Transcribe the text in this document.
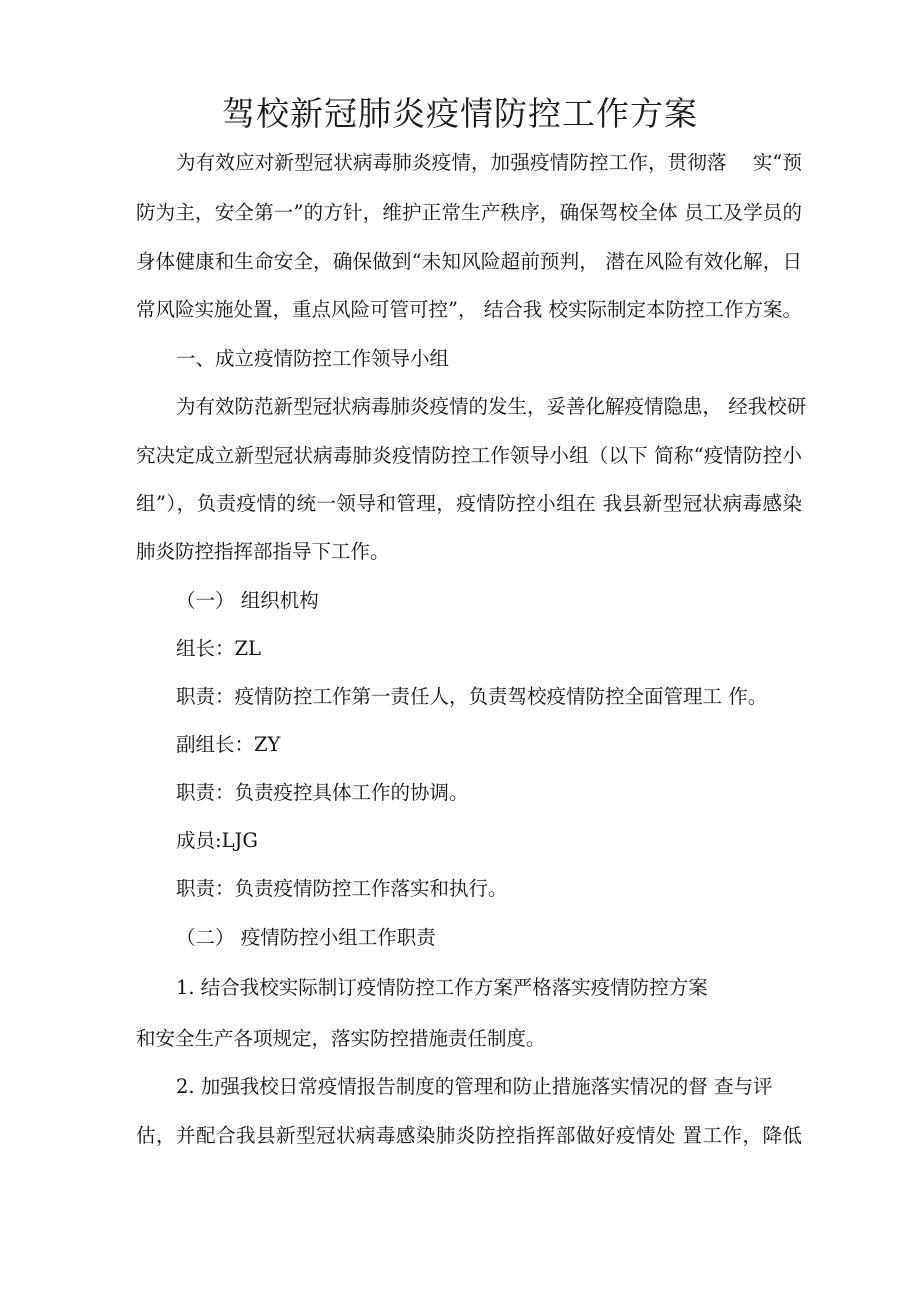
驾校新冠肺炎疫情防控工作方案
为有效应对新型冠状病毒肺炎疫情，加强疫情防控工作，贯彻落　 实“预
防为主，安全第一”的方针，维护正常生产秩序，确保驾校全体 员工及学员的
身体健康和生命安全，确保做到“未知风险超前预判， 潜在风险有效化解，日
常风险实施处置，重点风险可管可控”， 结合我 校实际制定本防控工作方案。
一、成立疫情防控工作领导小组
为有效防范新型冠状病毒肺炎疫情的发生，妥善化解疫情隐患， 经我校研
究决定成立新型冠状病毒肺炎疫情防控工作领导小组（以下 简称“疫情防控小
组”），负责疫情的统一领导和管理，疫情防控小组在 我县新型冠状病毒感染
肺炎防控指挥部指导下工作。
（一） 组织机构
组长：ZL
职责：疫情防控工作第一责任人，负责驾校疫情防控全面管理工 作。
副组长：ZY
职责：负责疫控具体工作的协调。
成员:LJG
职责：负责疫情防控工作落实和执行。
（二） 疫情防控小组工作职责
1. 结合我校实际制订疫情防控工作方案严格落实疫情防控方案
和安全生产各项规定，落实防控措施责任制度。
2. 加强我校日常疫情报告制度的管理和防止措施落实情况的督 查与评
估，并配合我县新型冠状病毒感染肺炎防控指挥部做好疫情处 置工作，降低
